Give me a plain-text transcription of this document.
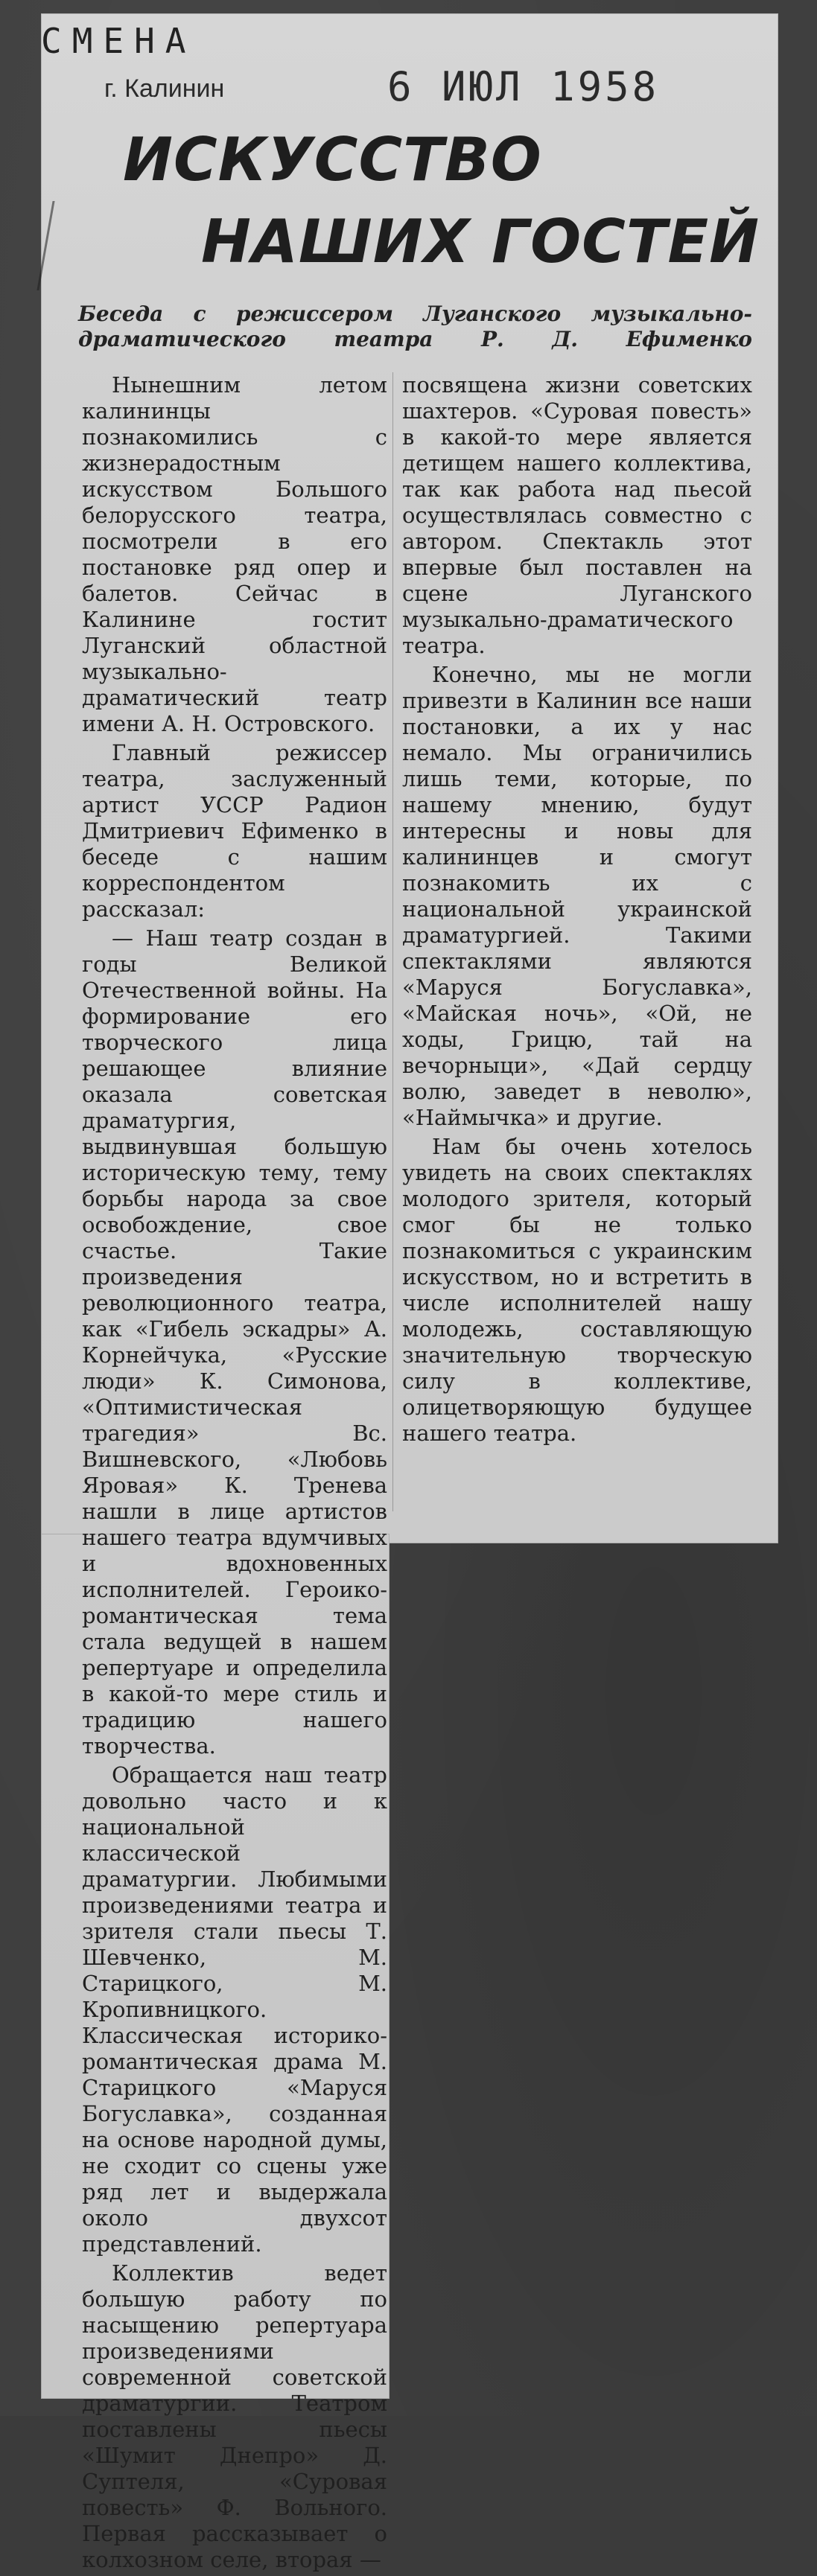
СМЕНА
г. Калинин	6 ИЮЛ 1958
ИСКУССТВО
НАШИХ ГОСТЕЙ
Беседа с режиссером Луганского музыкально-драматического театра Р. Д. Ефименко

Нынешним летом калининцы познакомились с жизнерадостным искусством Большого белорусского театра, посмотрели в его постановке ряд опер и балетов. Сейчас в Калинине гостит Луганский областной музыкально-драматический театр имени А. Н. Островского.

Главный режиссер театра, заслуженный артист УССР Радион Дмитриевич Ефименко в беседе с нашим корреспондентом рассказал:

— Наш театр создан в годы Великой Отечественной войны. На формирование его творческого лица решающее влияние оказала советская драматургия, выдвинувшая большую историческую тему, тему борьбы народа за свое освобождение, свое счастье. Такие произведения революционного театра, как «Гибель эскадры» А. Корнейчука, «Русские люди» К. Симонова, «Оптимистическая трагедия» Вс. Вишневского, «Любовь Яровая» К. Тренева нашли в лице артистов нашего театра вдумчивых и вдохновенных исполнителей. Героико-романтическая тема стала ведущей в нашем репертуаре и определила в какой-то мере стиль и традицию нашего творчества.

Обращается наш театр довольно часто и к национальной классической драматургии. Любимыми произведениями театра и зрителя стали пьесы Т. Шевченко, М. Старицкого, М. Кропивницкого. Классическая историко-романтическая драма М. Старицкого «Маруся Богуславка», созданная на основе народной думы, не сходит со сцены уже ряд лет и выдержала около двухсот представлений.

Коллектив ведет большую работу по насыщению репертуара произведениями современной советской драматургии. Театром поставлены пьесы «Шумит Днепро» Д. Суптеля, «Суровая повесть» Ф. Вольного. Первая рассказывает о колхозном селе, вторая —

посвящена жизни советских шахтеров. «Суровая повесть» в какой-то мере является детищем нашего коллектива, так как работа над пьесой осуществлялась совместно с автором. Спектакль этот впервые был поставлен на сцене Луганского музыкально-драматического театра.

Конечно, мы не могли привезти в Калинин все наши постановки, а их у нас немало. Мы ограничились лишь теми, которые, по нашему мнению, будут интересны и новы для калининцев и смогут познакомить их с национальной украинской драматургией. Такими спектаклями являются «Маруся Богуславка», «Майская ночь», «Ой, не ходы, Грицю, тай на вечорныци», «Дай сердцу волю, заведет в неволю», «Наймычка» и другие.

Нам бы очень хотелось увидеть на своих спектаклях молодого зрителя, который смог бы не только познакомиться с украинским искусством, но и встретить в числе исполнителей нашу молодежь, составляющую значительную творческую силу в коллективе, олицетворяющую будущее нашего театра.
